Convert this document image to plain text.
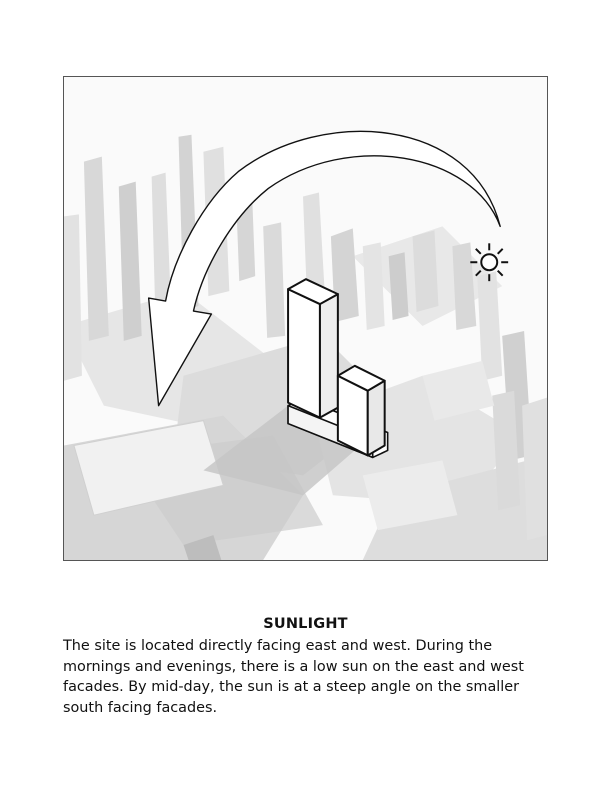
SUNLIGHT

The site is located directly facing east and west. During the mornings and evenings, there is a low sun on the east and west facades. By mid-day, the sun is at a steep angle on the smaller south facing facades.
